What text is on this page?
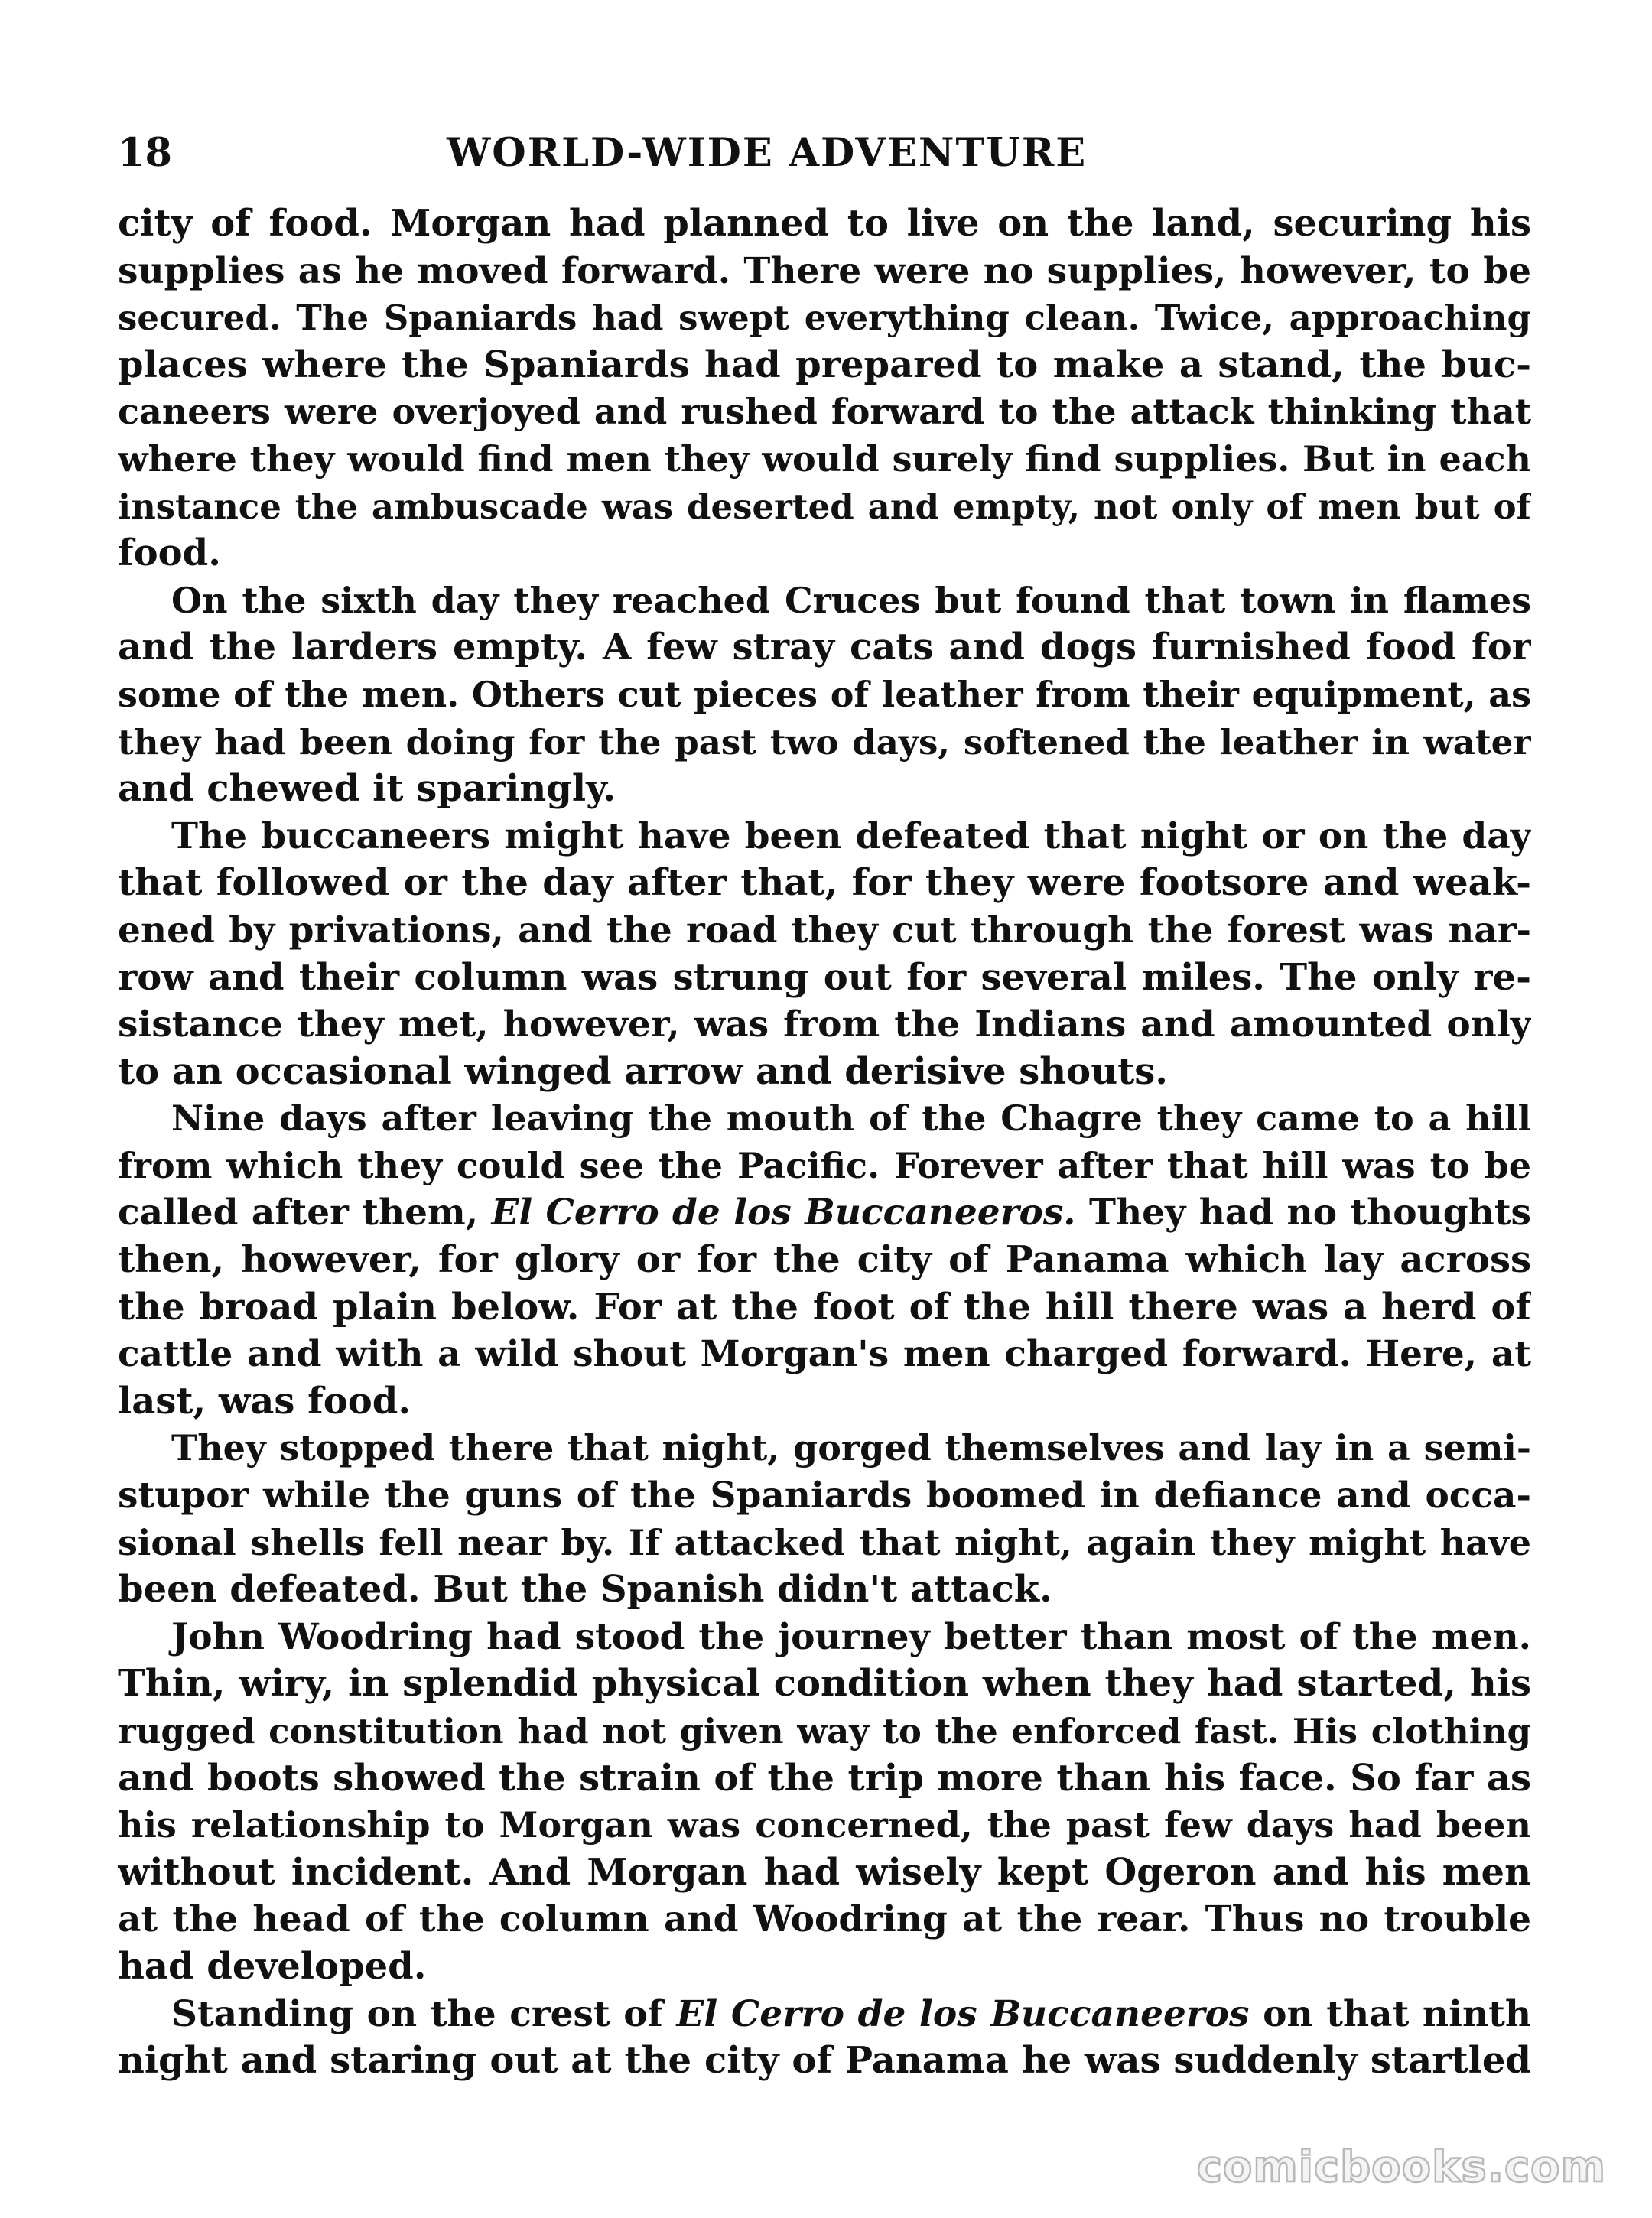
18	WORLD-WIDE ADVENTURE
city of food. Morgan had planned to live on the land, securing his
supplies as he moved forward. There were no supplies, however, to be
secured. The Spaniards had swept everything clean. Twice, approaching
places where the Spaniards had prepared to make a stand, the buc-
caneers were overjoyed and rushed forward to the attack thinking that
where they would find men they would surely find supplies. But in each
instance the ambuscade was deserted and empty, not only of men but of
food.
On the sixth day they reached Cruces but found that town in flames
and the larders empty. A few stray cats and dogs furnished food for
some of the men. Others cut pieces of leather from their equipment, as
they had been doing for the past two days, softened the leather in water
and chewed it sparingly.
The buccaneers might have been defeated that night or on the day
that followed or the day after that, for they were footsore and weak-
ened by privations, and the road they cut through the forest was nar-
row and their column was strung out for several miles. The only re-
sistance they met, however, was from the Indians and amounted only
to an occasional winged arrow and derisive shouts.
Nine days after leaving the mouth of the Chagre they came to a hill
from which they could see the Pacific. Forever after that hill was to be
called after them, El Cerro de los Buccaneeros. They had no thoughts
then, however, for glory or for the city of Panama which lay across
the broad plain below. For at the foot of the hill there was a herd of
cattle and with a wild shout Morgan's men charged forward. Here, at
last, was food.
They stopped there that night, gorged themselves and lay in a semi-
stupor while the guns of the Spaniards boomed in defiance and occa-
sional shells fell near by. If attacked that night, again they might have
been defeated. But the Spanish didn't attack.
John Woodring had stood the journey better than most of the men.
Thin, wiry, in splendid physical condition when they had started, his
rugged constitution had not given way to the enforced fast. His clothing
and boots showed the strain of the trip more than his face. So far as
his relationship to Morgan was concerned, the past few days had been
without incident. And Morgan had wisely kept Ogeron and his men
at the head of the column and Woodring at the rear. Thus no trouble
had developed.
Standing on the crest of El Cerro de los Buccaneeros on that ninth
night and staring out at the city of Panama he was suddenly startled
comicbooks.com
